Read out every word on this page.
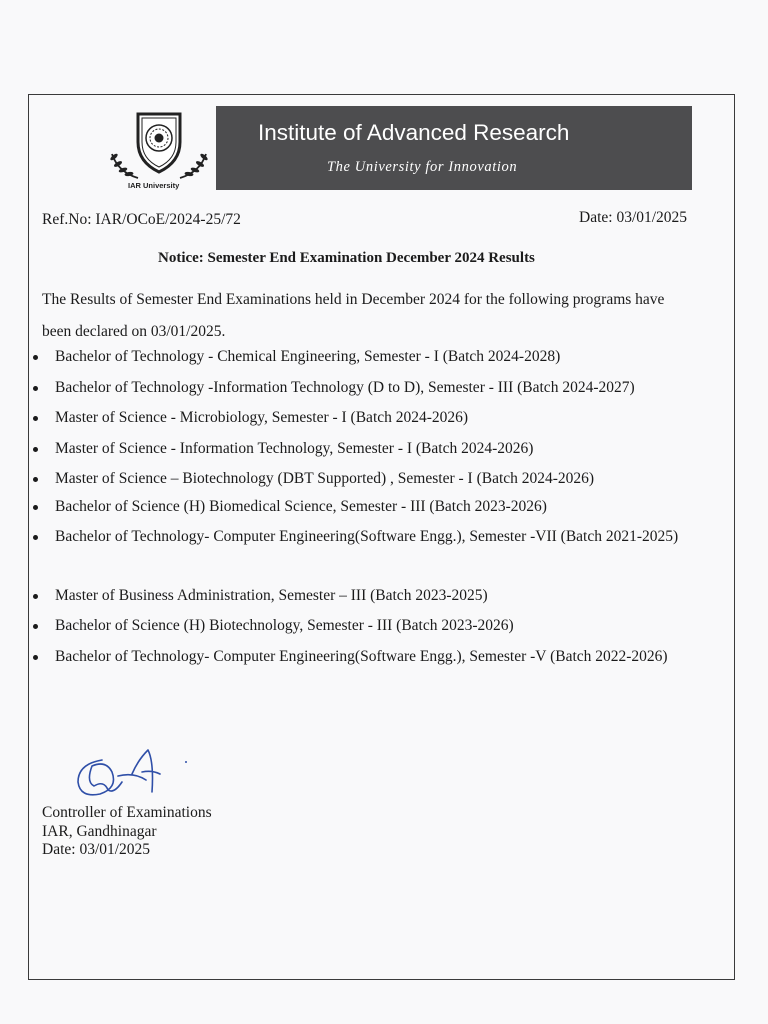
IAR University
Institute of Advanced Research
The University for Innovation
Ref.No: IAR/OCoE/2024-25/72	Date: 03/01/2025
Notice: Semester End Examination December 2024 Results
The Results of Semester End Examinations held in December 2024 for the following programs have
been declared on 03/01/2025.
Bachelor of Technology - Chemical Engineering, Semester - I (Batch 2024-2028)
Bachelor of Technology -Information Technology (D to D), Semester - III (Batch 2024-2027)
Master of Science - Microbiology, Semester - I (Batch 2024-2026)
Master of Science - Information Technology, Semester - I (Batch 2024-2026)
Master of Science – Biotechnology (DBT Supported) , Semester - I (Batch 2024-2026)
Bachelor of Science (H) Biomedical Science, Semester - III (Batch 2023-2026)
Bachelor of Technology- Computer Engineering(Software Engg.), Semester -VII (Batch 2021-2025)
Master of Business Administration, Semester – III (Batch 2023-2025)
Bachelor of Science (H) Biotechnology, Semester - III (Batch 2023-2026)
Bachelor of Technology- Computer Engineering(Software Engg.), Semester -V (Batch 2022-2026)
Controller of Examinations
IAR, Gandhinagar
Date: 03/01/2025
